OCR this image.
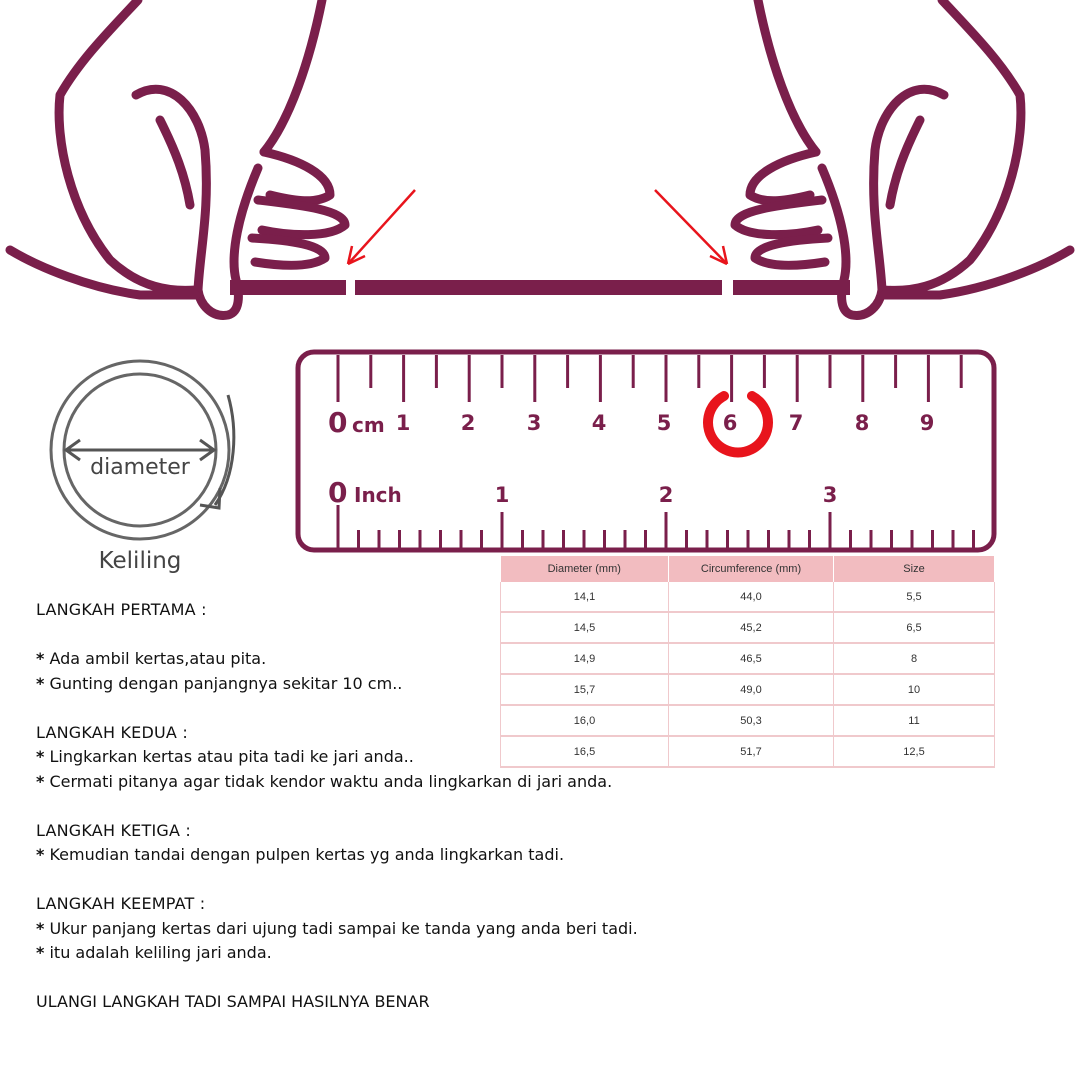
diameter
Keliling
0 cm 1 2 3 4 5 6 7 8 9
0 Inch	1	2	3
Diameter (mm)	Circumference (mm)	Size
14,1	44,0	5,5
14,5	45,2	6,5
14,9	46,5	8
15,7	49,0	10
16,0	50,3	11
16,5	51,7	12,5

LANGKAH PERTAMA :

* Ada ambil kertas,atau pita.

* Gunting dengan panjangnya sekitar 10 cm..

LANGKAH KEDUA :

* Lingkarkan kertas atau pita tadi ke jari anda..

* Cermati pitanya agar tidak kendor waktu anda lingkarkan di jari anda.

LANGKAH KETIGA :

* Kemudian tandai dengan pulpen kertas yg anda lingkarkan tadi.

LANGKAH KEEMPAT :

* Ukur panjang kertas dari ujung tadi sampai ke tanda yang anda beri tadi.

* itu adalah keliling jari anda.

ULANGI LANGKAH TADI SAMPAI HASILNYA BENAR
